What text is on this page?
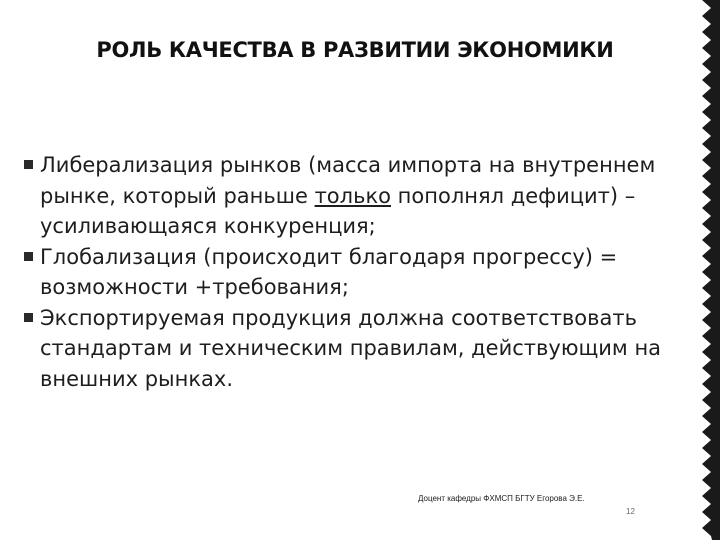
РОЛЬ КАЧЕСТВА В РАЗВИТИИ ЭКОНОМИКИ

Либерализация рынков (масса импорта на внутреннем рынке, который раньше только пополнял дефицит) – усиливающаяся конкуренция;

Глобализация (происходит благодаря прогрессу) = возможности +требования;

Экспортируемая продукция должна соответствовать стандартам и техническим правилам, действующим на внешних рынках.

Доцент кафедры ФХМСП БГТУ Егорова Э.Е.
12
